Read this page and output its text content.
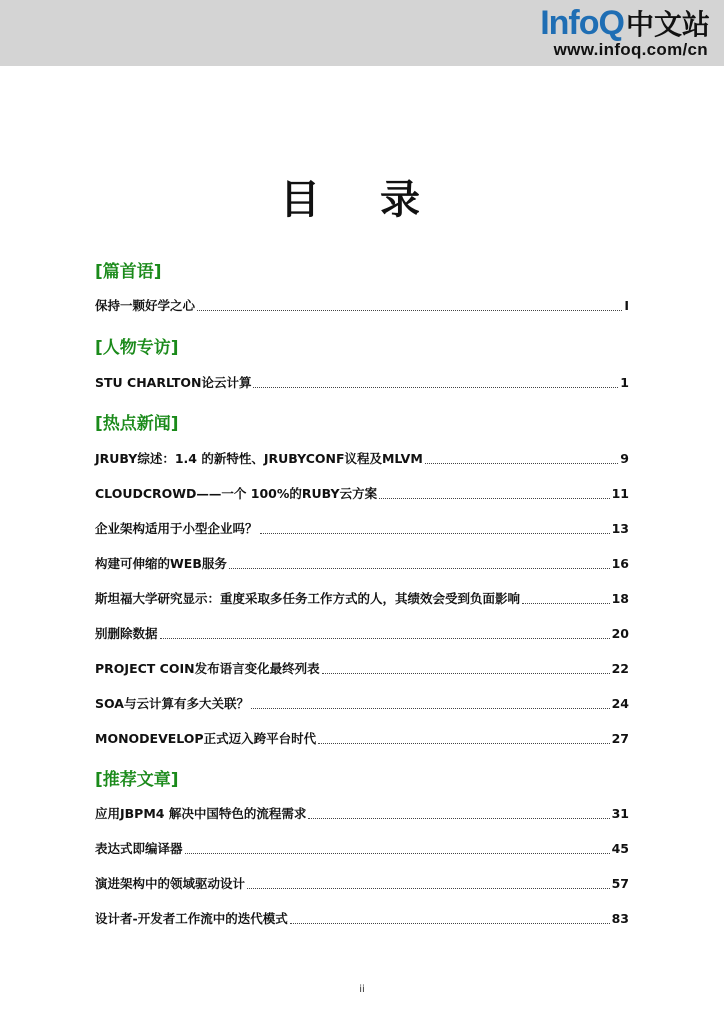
Info Q 中文站
www.infoq.com/cn
目录
[篇首语]
保持一颗好学之心	I
[人物专访]
STU CHARLTON论云计算	1
[热点新闻]
JRUBY综述：1.4 的新特性、JRUBYCONF议程及MLVM	9
CLOUDCROWD——一个 100%的RUBY云方案	11
企业架构适用于小型企业吗？	13
构建可伸缩的WEB服务	16
斯坦福大学研究显示：重度采取多任务工作方式的人，其绩效会受到负面影响	18
别删除数据	20
PROJECT COIN发布语言变化最终列表	22
SOA与云计算有多大关联？	24
MONODEVELOP正式迈入跨平台时代	27
[推荐文章]
应用JBPM4 解决中国特色的流程需求	31
表达式即编译器	45
演进架构中的领域驱动设计	57
设计者-开发者工作流中的迭代模式	83
ii
